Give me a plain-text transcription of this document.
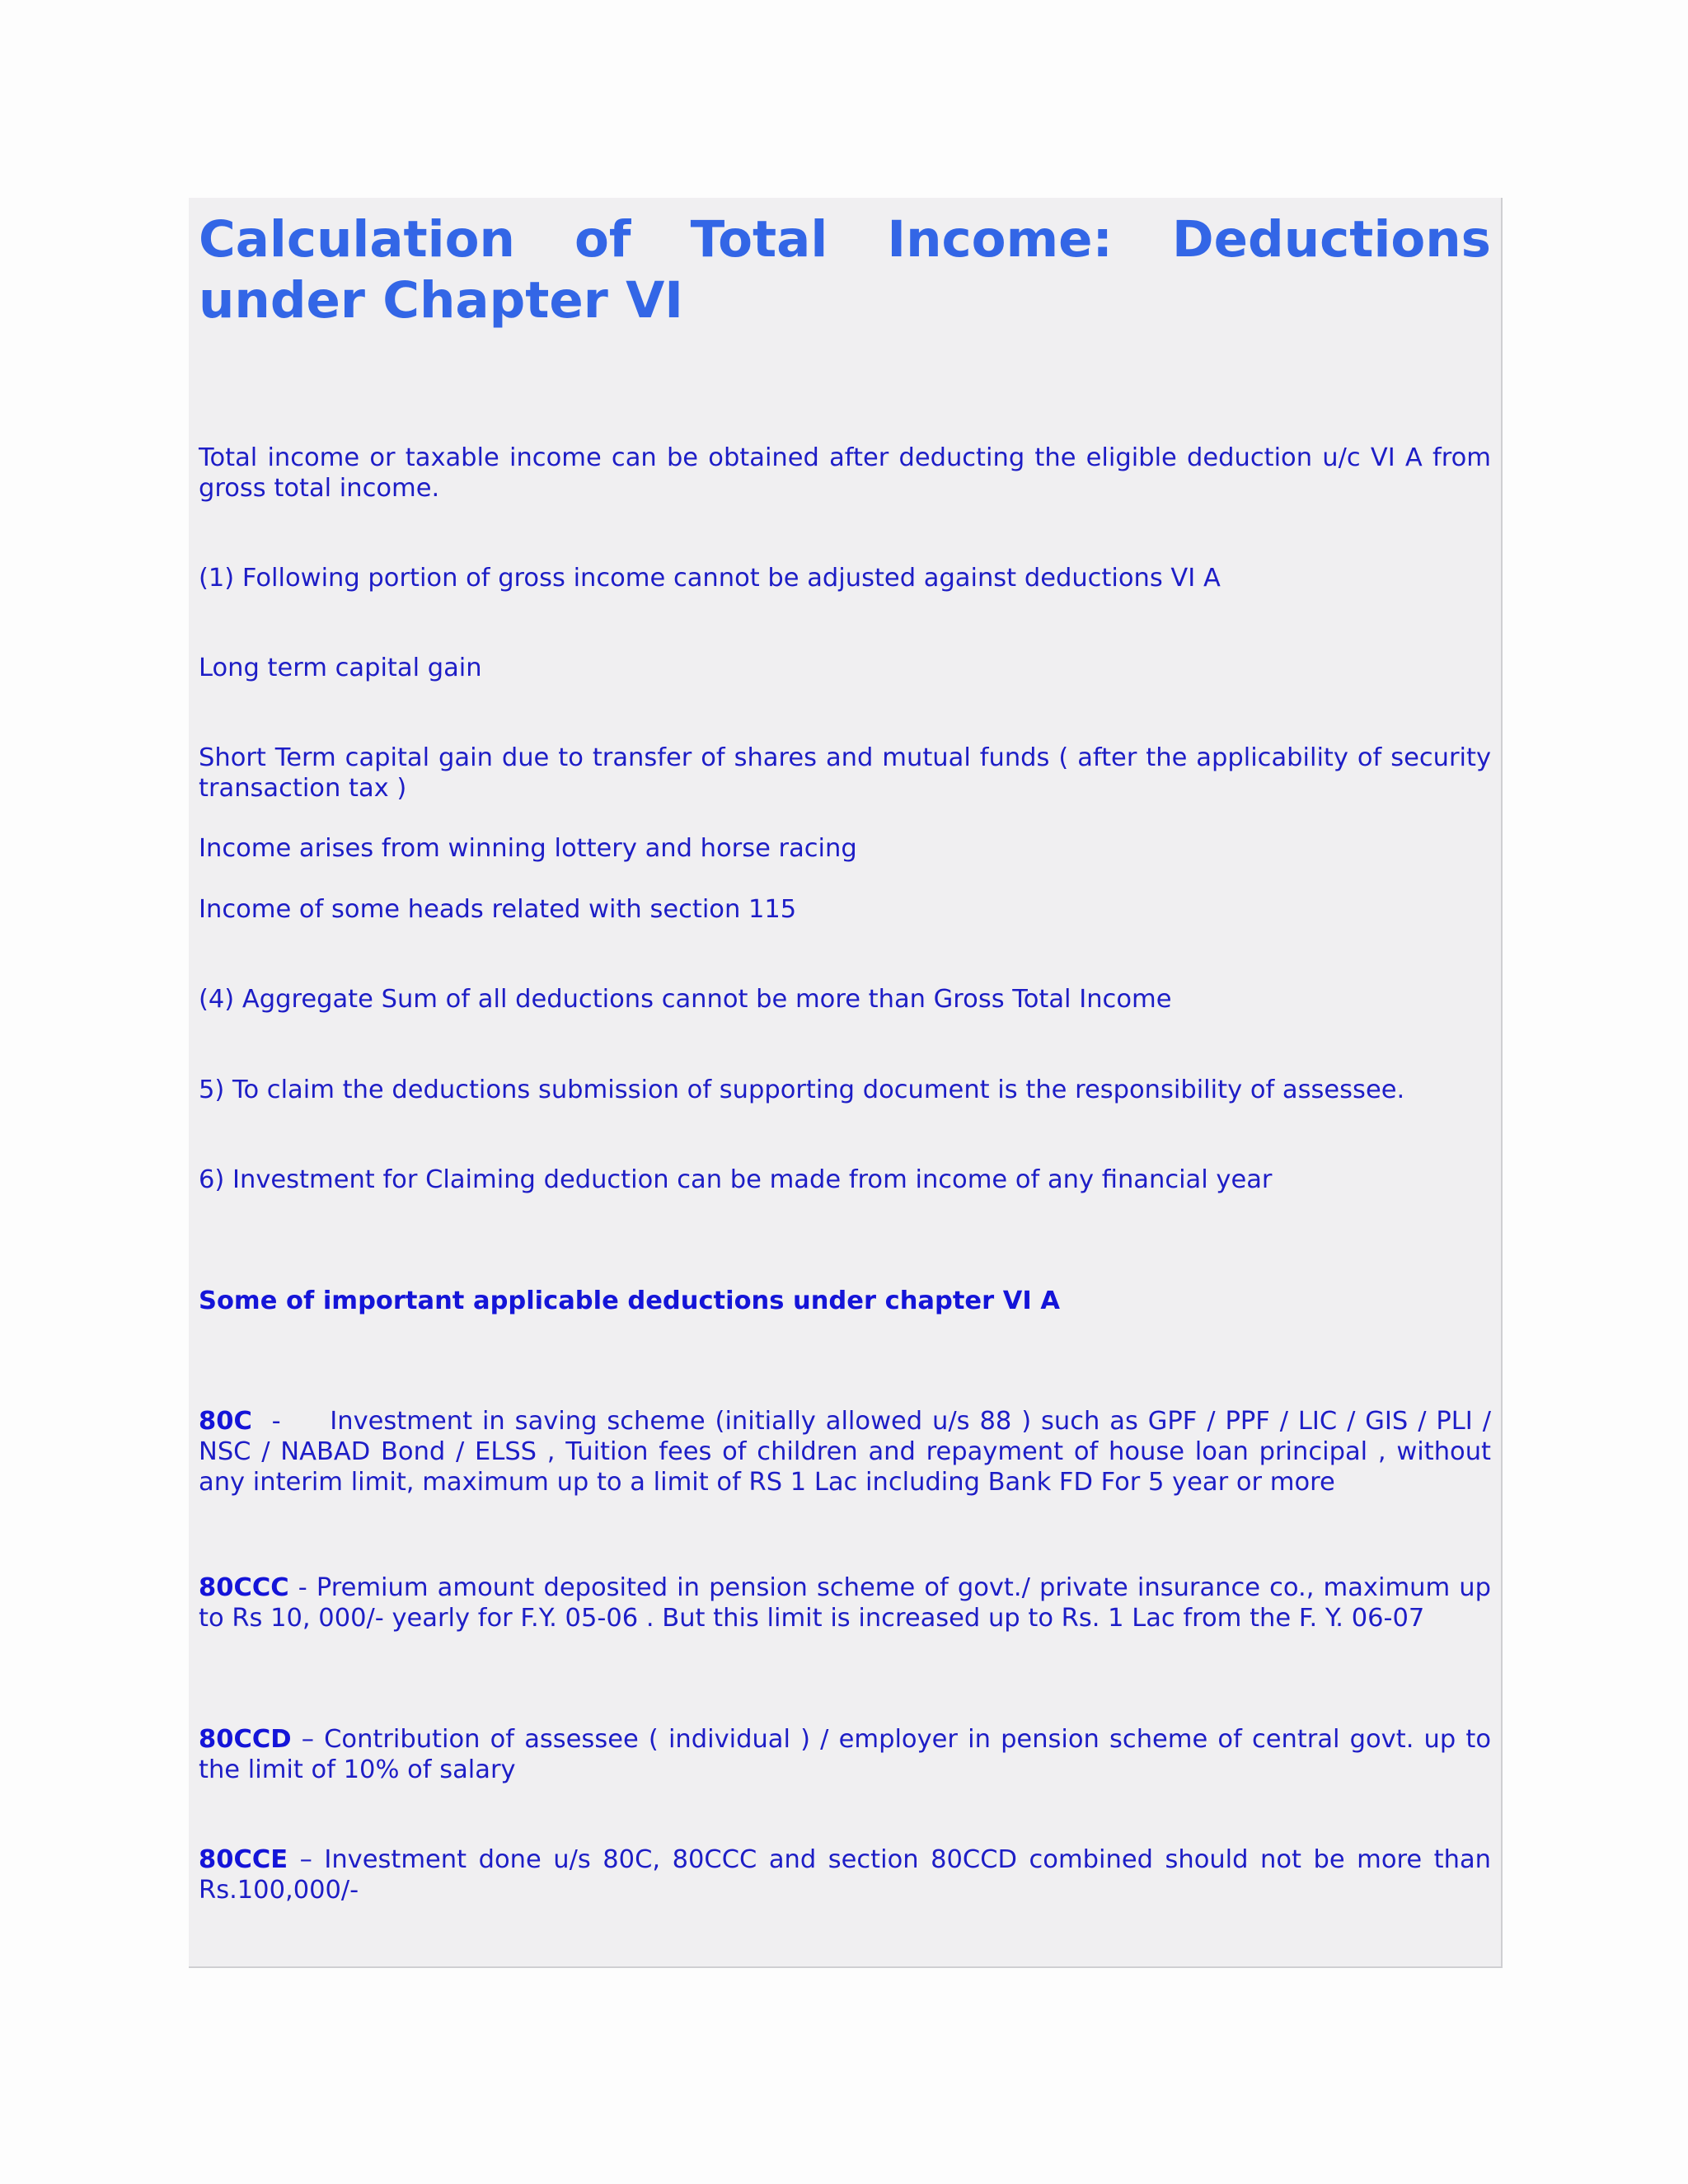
Calculation of Total Income: Deductions under Chapter VI

Total income or taxable income can be obtained after deducting the eligible deduction u/c VI A from gross total income.

(1) Following portion of gross income cannot be adjusted against deductions VI A

Long term capital gain

Short Term capital gain due to transfer of shares and mutual funds ( after the applicability of security transaction tax )

Income arises from winning lottery and horse racing

Income of some heads related with section 115

(4) Aggregate Sum of all deductions cannot be more than Gross Total Income

5) To claim the deductions submission of supporting document is the responsibility of assessee.

6) Investment for Claiming deduction can be made from income of any financial year

Some of important applicable deductions under chapter VI A

80C  -     Investment in saving scheme (initially allowed u/s 88 ) such as GPF / PPF / LIC / GIS / PLI / NSC / NABAD Bond / ELSS , Tuition fees of children and repayment of house loan principal , without any interim limit, maximum up to a limit of RS 1 Lac including Bank FD For 5 year or more

80CCC - Premium amount deposited in pension scheme of govt./ private insurance co., maximum up to Rs 10, 000/- yearly for F.Y. 05-06 . But this limit is increased up to Rs. 1 Lac from the F. Y. 06-07

80CCD – Contribution of assessee ( individual ) / employer in pension scheme of central govt. up to the limit of 10% of salary

80CCE – Investment done u/s 80C, 80CCC and section 80CCD combined should not be more than Rs.100,000/-
